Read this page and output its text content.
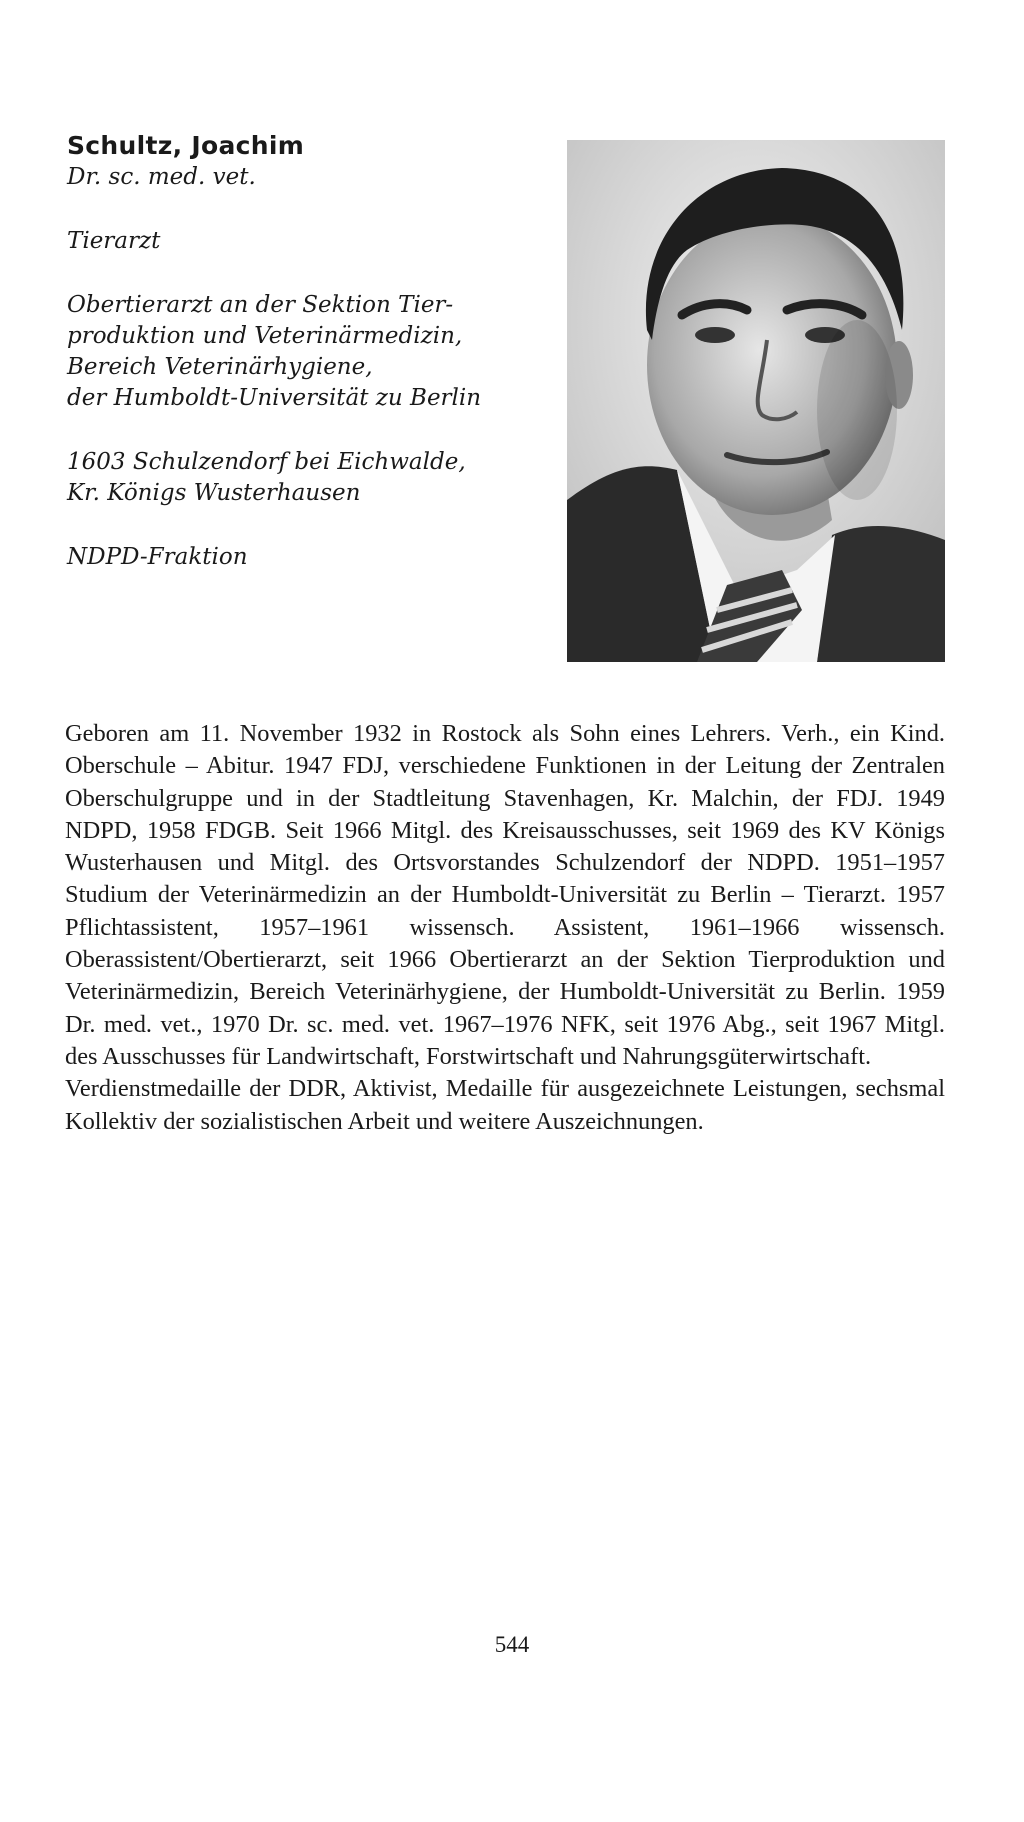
Schultz, Joachim
Dr. sc. med. vet.
Tierarzt
Obertierarzt an der Sektion Tier-
produktion und Veterinärmedizin,
Bereich Veterinärhygiene,
der Humboldt-Universität zu Berlin
1603 Schulzendorf bei Eichwalde,
Kr. Königs Wusterhausen
NDPD-Fraktion

Geboren am 11. November 1932 in Rostock als Sohn eines Lehrers. Verh., ein Kind. Oberschule – Abitur. 1947 FDJ, verschiedene Funktionen in der Leitung der Zentralen Oberschulgruppe und in der Stadtleitung Stavenhagen, Kr. Malchin, der FDJ. 1949 NDPD, 1958 FDGB. Seit 1966 Mitgl. des Kreisausschusses, seit 1969 des KV Königs Wusterhausen und Mitgl. des Ortsvorstandes Schulzendorf der NDPD. 1951–1957 Studium der Veterinärmedizin an der Humboldt-Universität zu Berlin – Tierarzt. 1957 Pflichtassistent, 1957–1961 wissensch. Assistent, 1961–1966 wissensch. Oberassistent/Obertierarzt, seit 1966 Obertierarzt an der Sektion Tierproduktion und Veterinärmedizin, Bereich Veterinärhygiene, der Humboldt-Universität zu Berlin. 1959 Dr. med. vet., 1970 Dr. sc. med. vet. 1967–1976 NFK, seit 1976 Abg., seit 1967 Mitgl. des Ausschusses für Landwirtschaft, Forstwirtschaft und Nahrungsgüterwirtschaft.

Verdienstmedaille der DDR, Aktivist, Medaille für ausgezeichnete Leistungen, sechsmal Kollektiv der sozialistischen Arbeit und weitere Auszeichnungen.

544
